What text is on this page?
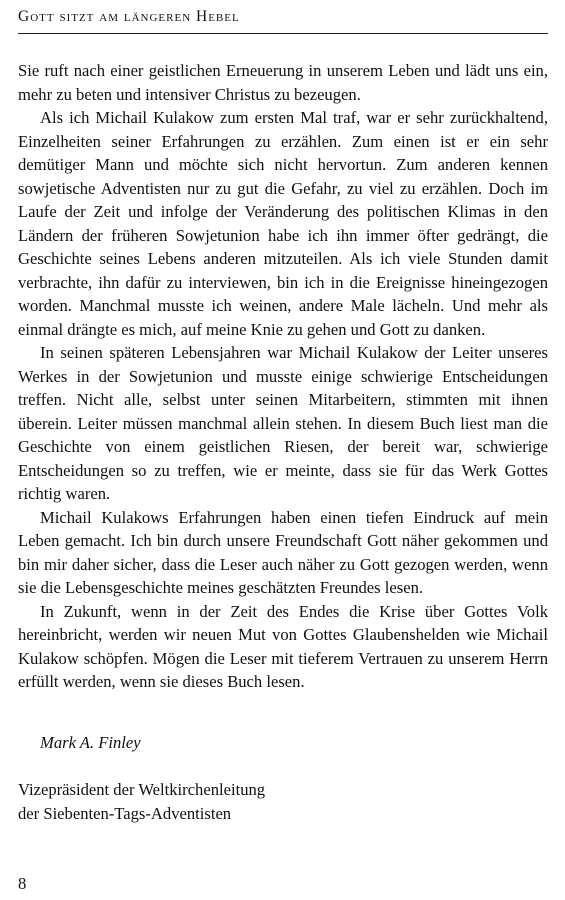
Gott sitzt am längeren Hebel

Sie ruft nach einer geistlichen Erneuerung in unserem Leben und lädt uns ein, mehr zu beten und intensiver Christus zu bezeugen.

Als ich Michail Kulakow zum ersten Mal traf, war er sehr zurückhaltend, Einzelheiten seiner Erfahrungen zu erzählen. Zum einen ist er ein sehr demütiger Mann und möchte sich nicht hervortun. Zum anderen kennen sowjetische Adventisten nur zu gut die Gefahr, zu viel zu erzählen. Doch im Laufe der Zeit und infolge der Veränderung des politischen Klimas in den Ländern der früheren Sowjetunion habe ich ihn immer öfter gedrängt, die Geschichte seines Lebens anderen mitzuteilen. Als ich viele Stunden damit verbrachte, ihn dafür zu interviewen, bin ich in die Ereignisse hineingezogen worden. Manchmal musste ich weinen, andere Male lächeln. Und mehr als einmal drängte es mich, auf meine Knie zu gehen und Gott zu danken.

In seinen späteren Lebensjahren war Michail Kulakow der Leiter unseres Werkes in der Sowjetunion und musste einige schwierige Entscheidungen treffen. Nicht alle, selbst unter seinen Mitarbeitern, stimmten mit ihnen überein. Leiter müssen manchmal allein stehen. In diesem Buch liest man die Geschichte von einem geistlichen Riesen, der bereit war, schwierige Entscheidungen so zu treffen, wie er meinte, dass sie für das Werk Gottes richtig waren.

Michail Kulakows Erfahrungen haben einen tiefen Eindruck auf mein Leben gemacht. Ich bin durch unsere Freundschaft Gott näher gekommen und bin mir daher sicher, dass die Leser auch näher zu Gott gezogen werden, wenn sie die Lebensgeschichte meines geschätzten Freundes lesen.

In Zukunft, wenn in der Zeit des Endes die Krise über Gottes Volk hereinbricht, werden wir neuen Mut von Gottes Glaubenshelden wie Michail Kulakow schöpfen. Mögen die Leser mit tieferem Vertrauen zu unserem Herrn erfüllt werden, wenn sie dieses Buch lesen.

Mark A. Finley
Vizepräsident der Weltkirchenleitung
der Siebenten-Tags-Adventisten
8
